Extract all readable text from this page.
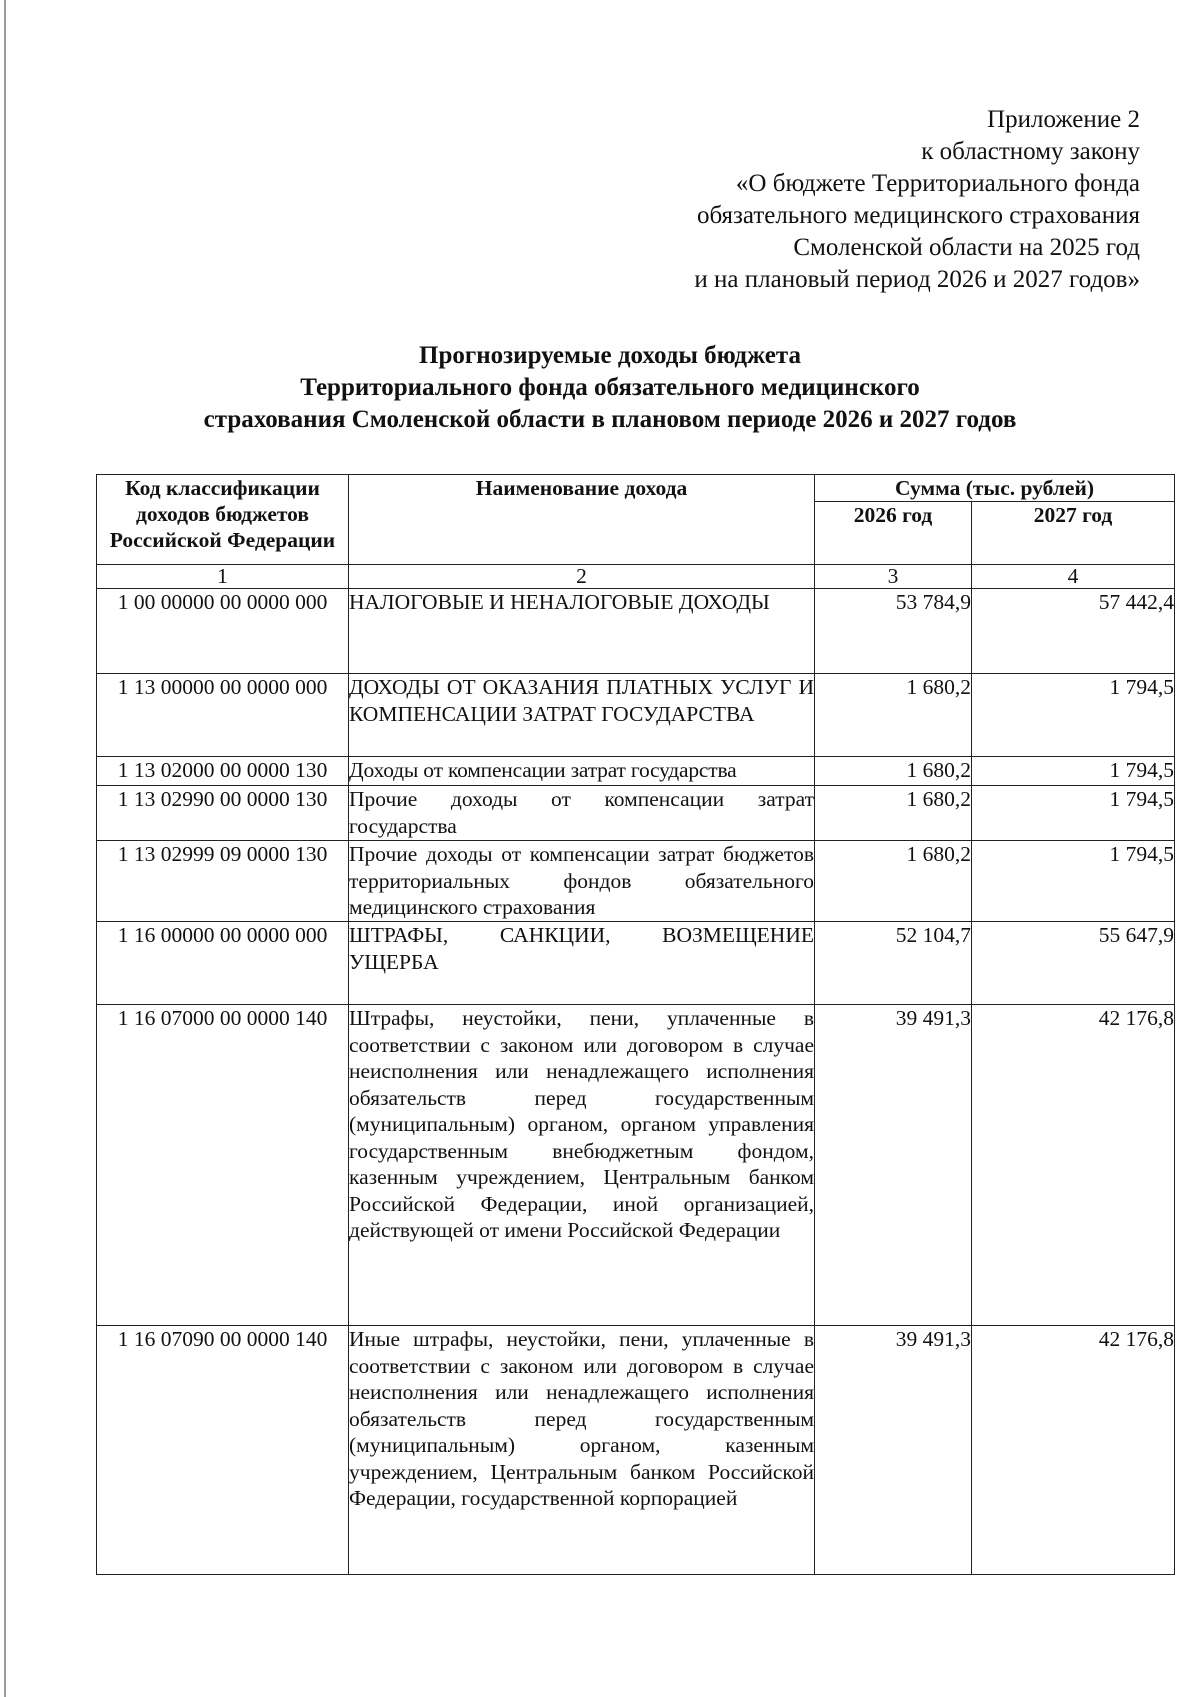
Приложение 2
к областному закону
«О бюджете Территориального фонда
обязательного медицинского страхования
Смоленской области на 2025 год
и на плановый период 2026 и 2027 годов»
Прогнозируемые доходы бюджета
Территориального фонда обязательного медицинского
страхования Смоленской области в плановом периоде 2026 и 2027 годов
Код классификации доходов бюджетов Российской Федерации	Наименование дохода	Сумма (тыс. рублей)	

		2026 год	2027 год
1	2	3	4
1 00 00000 00 0000 000	НАЛОГОВЫЕ И НЕНАЛОГОВЫЕ ДОХОДЫ	53 784,9	57 442,4
1 13 00000 00 0000 000	ДОХОДЫ ОТ ОКАЗАНИЯ ПЛАТНЫХ УСЛУГ И КОМПЕНСАЦИИ ЗАТРАТ ГОСУДАРСТВА	1 680,2	1 794,5
1 13 02000 00 0000 130	Доходы от компенсации затрат государства	1 680,2	1 794,5
1 13 02990 00 0000 130	Прочие доходы от компенсации затрат государства	1 680,2	1 794,5
1 13 02999 09 0000 130	Прочие доходы от компенсации затрат бюджетов территориальных фондов обязательного медицинского страхования	1 680,2	1 794,5
1 16 00000 00 0000 000	ШТРАФЫ, САНКЦИИ, ВОЗМЕЩЕНИЕ УЩЕРБА	52 104,7	55 647,9
1 16 07000 00 0000 140	Штрафы, неустойки, пени, уплаченные в соответствии с законом или договором в случае неисполнения или ненадлежащего исполнения обязательств перед государственным (муниципальным) органом, органом управления государственным внебюджетным фондом, казенным учреждением, Центральным банком Российской Федерации, иной организацией, действующей от имени Российской Федерации	39 491,3	42 176,8
1 16 07090 00 0000 140	Иные штрафы, неустойки, пени, уплаченные в соответствии с законом или договором в случае неисполнения или ненадлежащего исполнения обязательств перед государственным (муниципальным) органом, казенным учреждением, Центральным банком Российской Федерации, государственной корпорацией	39 491,3	42 176,8
